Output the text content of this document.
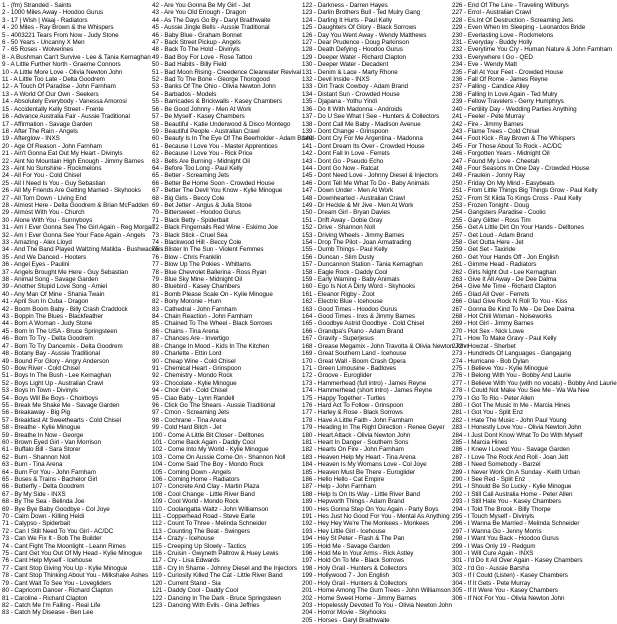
1 - (fm) Stranded - Saints
2 - 1000 Miles Away - Hoodoo Gurus
3 - 17 | Wish | Waaj - Radiators
4 - 20 Miles - Ray Brown & the Whispers
5 - 4003221 Tears From Now - Judy Stone
6 - 50 Years - Uncanny X Men
7 - 65 Roses - Wolverines
8 - A Bushman Can't Survive - Lee & Tania Kernaghan
9 - A Little Further North - Graeme Connors
10 - A Little More Love - Olivia Newton John
11 - A Little Too Late - Delta Goodrem
12 - A Touch Of Paradise - John Farnham
13 - A World Of Our Own - Seekers
14 - Absolutely Everybody - Vanessa Amorosi
15 - Accidentally Kelly Street - Frente
16 - Advance Australia Fair - Aussie Traditional
17 - Affirmation - Savage Garden
18 - After The Rain - Angels
19 - Afterglow - INXS
20 - Age Of Reason - John Farnham
21 - Ain't Gonna Eat Out My Heart - Divinyls
22 - Aint No Mountain High Enough - Jimmy Barnes
23 - Aint No Sunshine - Rockmelons
24 - All For You - Cold Chisel
25 - All I Need Is You - Guy Sebastian
26 - All My Friends Are Getting Married - Skyhooks
27 - All Torn Down - Living End
28 - Almost Here - Delta Goodrem & Brian McFadden
29 - Almost With You - Church
30 - Alone With You - Sunnyboys
31 - Am I Ever Gonna See The Girl Again - Reg Morgan
32 - Am I Ever Gonna See Your Face Again - Angels
33 - Amazing - Alex Lloyd
34 - And The Band Played Waltzing Matilda - Bushwackers
35 - And We Danced - Hooters
36 - Angel Eyes - Paulini
37 - Angels Brought Me Here - Guy Sebastian
38 - Animal Song - Savage Garden
39 - Another Stupid Love Song - Amiel
40 - Any Man Of Mine - Shania Twain
41 - April Sun In Cuba - Dragon
42 - Boom Boom Baby - Billy Crash Craddock
43 - Boppin The Blues - Blackfeather
44 - Born A Woman - Judy Stone
45 - Born In The USA - Bruce Springsteen
46 - Born To Try - Delta Goodrem
47 - Born To Try Dancemix - Delta Goodrem
48 - Botany Bay - Aussie Traditional
49 - Bound For Glory - Angry Anderson
50 - Bow River - Cold Chisel
51 - Boys In The Bush - Lee Kernaghan
52 - Boys Light Up - Australian Crawl
53 - Boys In Town - Divinyls
54 - Boys Will Be Boys - Choirboys
55 - Break Me Shake Me - Savage Garden
56 - Breakaway - Big Pig
57 - Breakfast At Sweethearts - Cold Chisel
58 - Breathe - Kylie Minogue
59 - Breathe In Now - George
60 - Brown Eyed Girl - Van Morrison
61 - Buffalo Bill - Sara Storer
62 - Burn - Shannon Noll
63 - Burn - Tina Arena
64 - Burn For You - John Farnham
65 - Buses & Trains - Bachelor Girl
66 - Butterfly - Delta Goodrem
67 - By My Side - INXS
68 - By The Sea - Belinda Joe
69 - Bye Bye Baby Goodbye - Col Joye
70 - Calm Down - Killing Heidi
71 - Calypso - Spiderbait
72 - Can I Still Need To You Girl - AC/DC
73 - Can We Fix It - Bob The Builder
74 - Cant Fight The Moonlight - Leann Rimes
75 - Cant Get You Out Of My Head - Kylie Minogue
76 - Cant Help Myself - Icehouse
77 - Cant Stop Giving You Up - Kylie Minogue
78 - Cant Stop Thinking About You - Milkshake Ashes
79 - Cant Wait To See You - Lovegliders
80 - Capricorn Dancer - Richard Clapton
81 - Caroline - Richard Clapton
82 - Catch Me I'm Falling - Real Life
83 - Catch My Disease - Ben Lee
42 - Are You Gonna Be My Girl - Jet
43 - Are You Old Enough - Dragon
44 - As The Days Go By - Daryl Braithwaite
45 - Aussie Jingle Bells - Aussie Traditional
46 - Baby Blue - Graham Bonnet
47 - Back Street Pickup - Angels
48 - Back To The Hold - Divinyls
49 - Bad Boy For Love - Rose Tattoo
50 - Bad Habits - Billy Field
51 - Bad Moon Rising - Creedence Clearwater Revival
52 - Bad To The Bone - George Thorogood
53 - Banks Of The Ohio - Olivia Newton John
54 - Barbados - Models
55 - Barricades & Brickwalls - Kasey Chambers
56 - Be Good Johnny - Men At Work
57 - Be Myself - Kasey Chambers
58 - Beautiful - Katie Underwood & Disco Montego
59 - Beautiful People - Australian Crawl
60 - Beauty Is In The Eye Of The Beerholder - Adam Brand
61 - Because I Love You - Master Apprentices
62 - Because I Love You - Rick Price
63 - Bells Are Burning - Midnight Oil
64 - Before Too Long - Paul Kelly
65 - Better - Screaming Jets
66 - Better Be Home Soon - Crowded House
67 - Better The Devil You Know - Kylie Minogue
68 - Big Girls - Beccy Cole
69 - Bet Jetter - Angus & Julia Stone
70 - Bittersweet - Hoodoo Gurus
71 - Black Betty - Spiderbait
72 - Black Fingernails Red Wine - Eskimo Joe
73 - Black Stick - Cruel Sea
74 - Blackwood Hill - Beccy Cole
75 - Blister In The Sun - Violent Femmes
76 - Blow - Chris Franklin
77 - Blow Up The Pokies - Whitlams
78 - Blue Chevrolet Ballerina - Ross Ryan
79 - Blue Sky Mine - Midnight Oil
80 - Bluebird - Kasey Chambers
81 - Bomb Please Scale On - Kylie Minogue
82 - Bony Moronie - Hurn
83 - Cathedral - John Farnham
84 - Chain Reaction - John Farnham
85 - Chained To The Wheel - Black Sorrows
86 - Chains - Tina Arena
87 - Chances Are - Invertigo
88 - Change In Mood - Kids In The Kitchen
89 - Charlette - Ettin Lord
90 - Cheap Wine - Cold Chisel
91 - Chemical Heart - Grinspoon
92 - Chemistry - Mondo Rock
93 - Chocolate - Kylie Minogue
94 - Choir Girl - Cold Chisel
95 - Ciao Baby - Lynn Randell
96 - Click Go The Shears - Aussie Traditional
97 - Cmon - Screaming Jets
98 - Cochrane - Tina Arena
99 - Cold Hard Bitch - Jet
100 - Come A Little Bit Closer - Delltones
101 - Come Back Again - Daddy Cool
102 - Come Into My World - Kylie Minogue
103 - Come On Aussie Come On - Shannon Noll
104 - Come Said The Boy - Mondo Rock
105 - Coming Down - Angels
106 - Coming Home - Radiators
107 - Concrete And Clay - Martin Plaza
108 - Cool Change - Little River Band
109 - Cool World - Mondo Rock
110 - Coolangatta Waltz - John Williamson
111 - Copperhead Road - Steve Earle
112 - Count To Three - Melinda Schneider
113 - Counting The Beat - Swingers
114 - Crazy - Icehouse
115 - Creeping Up Slowly - Tactics
116 - Cruisin - Gwyneth Paltrow & Huey Lewis
117 - Cry - Lisa Edwards
118 - Cry In Shame - Johnny Diesel and the Injectors
119 - Curiosity Killed The Cat - Little River Band
120 - Current Stand - Sia
121 - Daddy Cool - Daddy Cool
122 - Dancing In The Dark - Bruce Springsteen
123 - Dancing With Evils - Gina Jeffries
122 - Darkness - Darren Hayes
123 - Darlin Brothers Bull - Ted Mulry Gang
124 - Darling It Hurts - Paul Kelly
125 - Daughters Of Glory - Black Sorrows
126 - Day You Went Away - Wendy Matthews
127 - Dear Prudence - Doug Parkinson
128 - Death Defying - Hoodoo Gurus
129 - Deeper Water - Richard Clapton
130 - Deeper Water - Decadent
131 - Denim & Lace - Marty Rhone
132 - Devil Inside - INXS
133 - Dirt Track Cowboy - Adam Brand
134 - Distant Sun - Crowded House
135 - Djapana - Yothu Yindi
136 - Do It With Madonna - Androids
137 - Do U See What I See - Hunters & Collectors
138 - Dont Call Me Baby - Madison Avenue
139 - Dont Change - Grinspoon
140 - Dont Cry For Me Argentina - Madonna
141 - Dont Dream Its Over - Crowded House
142 - Dont Fall In Love - Ferrets
143 - Dont Go - Pseudo Echo
144 - Dont Go Now - Ratcat
145 - Dont Need Love - Johnny Diesel & Injectors
146 - Dont Tell Me What To Do - Baby Animals
147 - Down Under - Men At Work
148 - Downhearted - Australian Crawl
149 - Dr Heckle & Mr Jive - Men At Work
150 - Dream Girl - Bryan Davies
151 - Drift Away - Dobie Gray
152 - Drive - Shannon Noll
153 - Driving Wheels - Jimmy Barnes
154 - Drop The Pilot - Joan Armatrading
155 - Dumb Things - Paul Kelly
156 - Duncan - Slim Dusty
157 - Duncannon Station - Tania Kernaghan
158 - Eagle Rock - Daddy Cool
159 - Early Warning - Baby Animals
160 - Ego Is Not A Dirty Word - Skyhooks
161 - Eleanor Rigby - Zoot
162 - Electric Blue - Icehouse
163 - Good Times - Hoodoo Gurus
164 - Good Times - Inxs & Jimmy Barnes
165 - Goodbye Astrid Goodbye - Cold Chisel
166 - Grandpa's Piano - Adam Brand
167 - Gravity - Superjesus
168 - Grease Megamix - John Travolta & Olivia Newton John
169 - Great Southern Land - Icehouse
170 - Great Wall - Boom Crash Opera
171 - Green Limousine - Badloves
172 - Groove - Euroglider
173 - Hammerhead (full intro) - James Reyne
174 - Hammerhead (short intro) - James Reyne
175 - Happy Together - Turtles
176 - Hard Act To Follow - Grinspoon
177 - Harley & Rose - Black Sorrows
178 - Have A Little Faith - John Farnham
179 - Heading In The Right Direction - Renee Geyer
180 - Heart Attack - Olivia Newton John
181 - Heart In Danger - Southern Sons
182 - Hearts On Fire - John Farnham
183 - Heaven Help My Heart - Tina Arena
184 - Heaven Is My Womans Love - Col Joye
185 - Heaven Must Be There - Euroglider
186 - Hello Hello - Cat Empire
187 - Help - John Farnham
188 - Help Is On Its Way - Little River Band
189 - Hepworth Things - Adam Brand
190 - Hes Gonna Step On You Again - Party Boys
191 - Hes Just No Good For You - Mental As Anything
192 - Hey Hey We're The Monkees - Monkees
193 - Hey Little Girl - Icehouse
194 - Hey St Peter - Flash & The Pan
195 - Hold Me - Savage Garden
196 - Hold Me In Your Arms - Rick Astley
197 - Hold On To Me - Black Sorrows
198 - Holy Grail - Hunters & Collectors
199 - Hollywood 7 - Jon English
200 - Holy Grail - Hunters & Collectors
201 - Home Among The Gum Trees - John Williamson
202 - Home Sweet Home - Jimmy Barnes
203 - Hopelessly Devoted To You - Olivia Newton John
204 - Horror Movie - Skyhooks
205 - Horses - Daryl Braithwaite
226 - End Of The Line - Traveling Wilburys
227 - Errol - Australian Crawl
228 - Es.Int Of Destruction - Screaming Jets
229 - Even When Im Sleeping - Leonardos Bride
230 - Everlasting Love - Rockmelons
231 - Everyday - Buddy Holly
232 - Everytime You Cry - Human Nature & John Farnham
233 - Everywhere I Go - QED
234 - Eve - Wendy Matt
235 - Fall At Your Feet - Crowded House
236 - Fall Of Rome - James Reyne
237 - Falling - Candice Alley
238 - Falling In Love Again - Ted Mulry
239 - Fellow Travelers - Gerry Humphrys
240 - Fertility Day - Wedding Parties Anything
241 - Feeler - Pete Murray
242 - Fire - Jimmy Barnes
243 - Flame Trees - Cold Chisel
244 - Foot Kick - Ray Brown & The Whispers
245 - For Those About To Rock - AC/DC
246 - Forgotten Years - Midnight Oil
247 - Found My Love - Cheetah
248 - Four Seasons In One Day - Crowded House
249 - Fraulein - Jonny Ray
250 - Friday On My Mind - Easybeats
251 - From Little Things Big Things Grow - Paul Kelly
252 - From St Kilda To Kings Cross - Paul Kelly
253 - Frozen Tonight - Doug
254 - Gangsters Paradise - Coolio
255 - Gary Glitter - Ross Tim
256 - Get A Little Dirt On Your Hands - Delltones
257 - Get Loud - Adam Brand
258 - Get Outta Here - Jet
259 - Get Set - Taxiride
260 - Get Your Hands Off - Jon English
261 - Gimme Head - Radiators
262 - Girls Night Out - Lee Kernaghan
263 - Give It All Away - De Dee Dalma
264 - Give Me Time - Richard Clapton
265 - Glad All Over - Ferrets
266 - Glad Give Rock N Roll To You - Kiss
267 - Gonna Be Kind To Me - De Dee Dalma
268 - Hot Chili Woman - Noiseworks
269 - Hot Girl - Jimmy Barnes
270 - Hot Sex - Nick Lowe
271 - How To Make Gravy - Paul Kelly
272 - Howzat - Sherbet
273 - Hundreds Of Languages - Gangajang
274 - Hurricane - Bob Dylan
275 - I Believe You - Kylie Minogue
276 - I Belong With You - Bobby And Laurie
277 - I Believe With You (with no vocals) - Bobby And Laurie
278 - I Could Not Make You See Me - Wa Wa Nee
279 - I Go To Rio - Peter Allen
280 - I Got The Music In Me - Marcia Hines
281 - I Got You - Split Enz
282 - I Hate The Music - John Paul Young
283 - I Honestly Love You - Olivia Newton John
284 - I Just Dont Know What To Do With Myself
285 - I Marcia Hines
286 - I Knew I Loved You - Savage Garden
287 - I Love The Rock And Roll - Joan Jett
288 - I Need Somebody - Barzel
289 - I Never Work On A Sunday - Keith Urban
290 - I See Red - Split Enz
291 - I Should Be So Lucky - Kylie Minogue
292 - I Still Call Australia Home - Peter Allen
293 - I Still Hate You - Kasey Chambers
294 - I Told The Brook - Billy Thorpe
295 - I Touch Myself - Divinyls
296 - I Wanna Be Married - Melinda Schneider
297 - I Wanna Go - Jenny Morris
298 - I Want You Back - Hoodoo Gurus
299 - I Was Only 19 - Redgum
300 - I Will Cure Again - INXS
301 - I'd Do It All Over Again - Kasey Chambers
302 - I'd Go - Aussie Barsha
303 - If I Could (Listen) - Kasey Chambers
304 - If It Gets - Pete Murray
305 - If It Were You - Kasey Chambers
306 - If Not For You - Olivia Newton John
